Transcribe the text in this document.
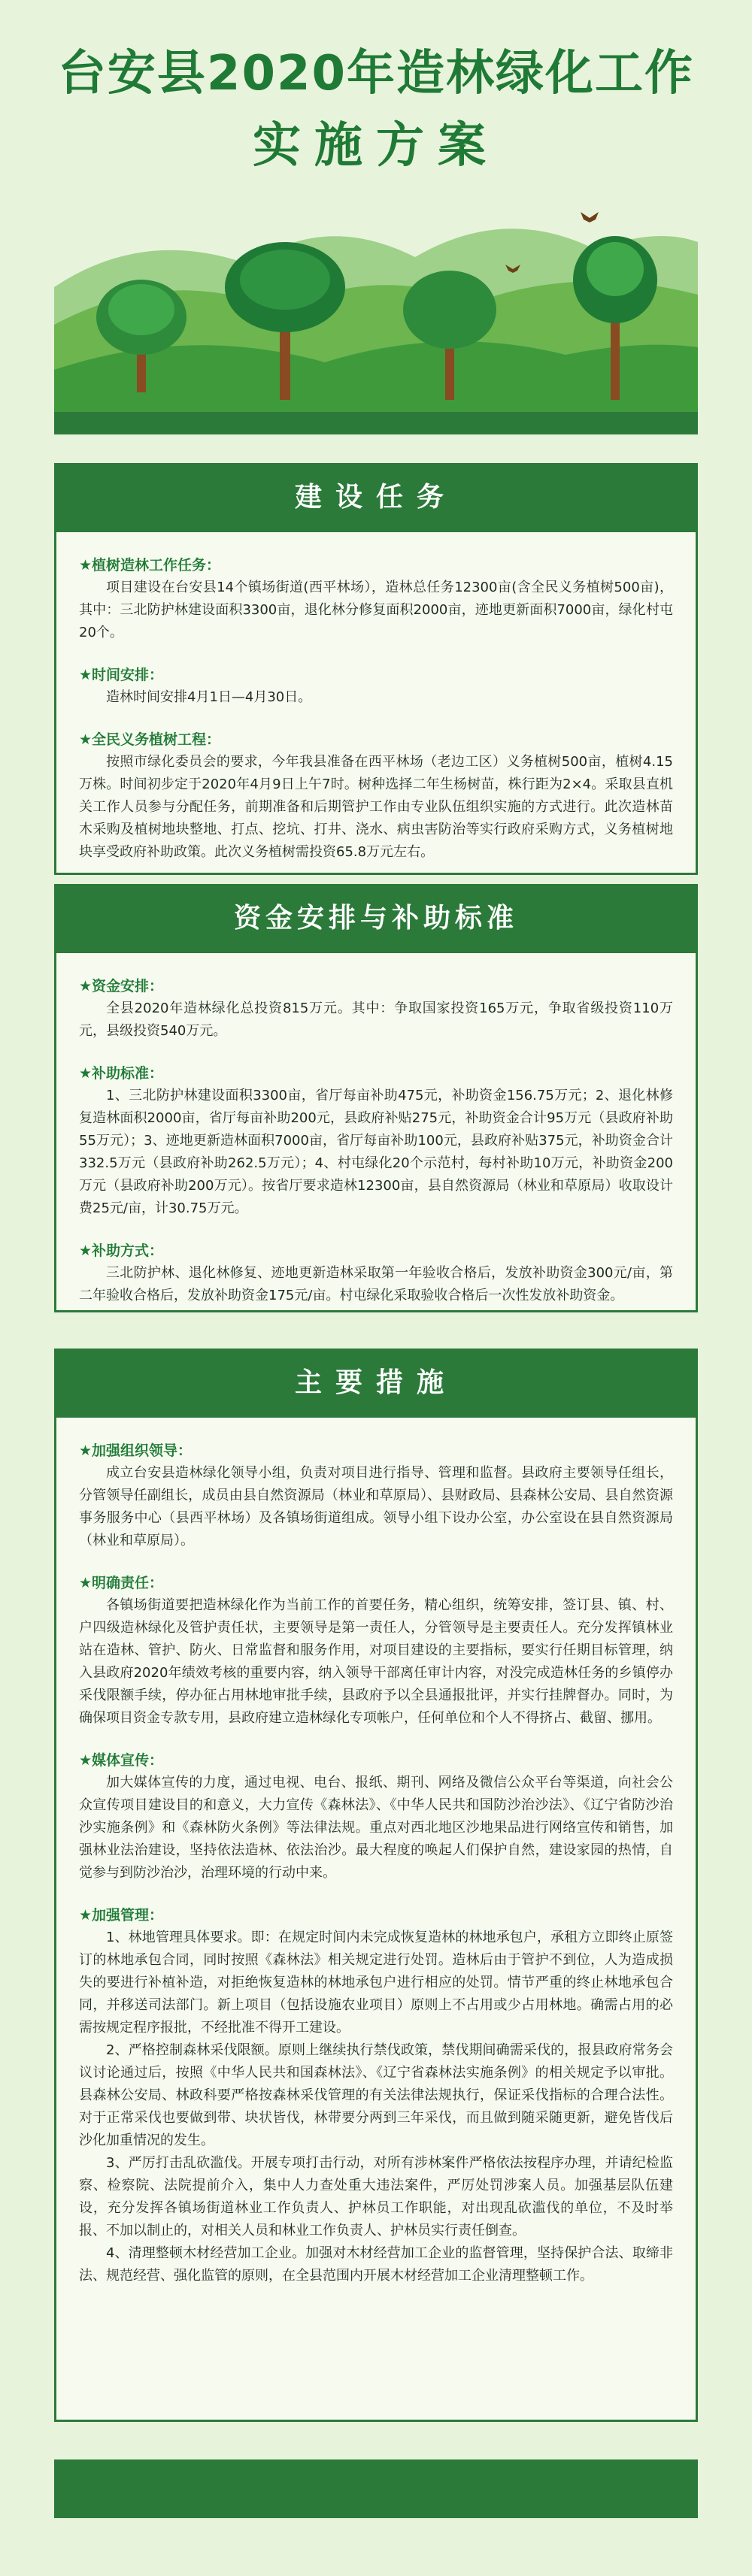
台安县2020年造林绿化工作
实施方案
建设任务

★植树造林工作任务：

项目建设在台安县14个镇场街道(西平林场），造林总任务12300亩(含全民义务植树500亩)，其中：三北防护林建设面积3300亩，退化林分修复面积2000亩，迹地更新面积7000亩，绿化村屯20个。

★时间安排：

造林时间安排4月1日—4月30日。

★全民义务植树工程：

按照市绿化委员会的要求，今年我县准备在西平林场（老边工区）义务植树500亩，植树4.15万株。时间初步定于2020年4月9日上午7时。树种选择二年生杨树苗，株行距为2×4。采取县直机关工作人员参与分配任务，前期准备和后期管护工作由专业队伍组织实施的方式进行。此次造林苗木采购及植树地块整地、打点、挖坑、打井、浇水、病虫害防治等实行政府采购方式，义务植树地块享受政府补助政策。此次义务植树需投资65.8万元左右。

资金安排与补助标准

★资金安排：

全县2020年造林绿化总投资815万元。其中：争取国家投资165万元，争取省级投资110万元，县级投资540万元。

★补助标准：

1、三北防护林建设面积3300亩，省厅每亩补助475元，补助资金156.75万元；2、退化林修复造林面积2000亩，省厅每亩补助200元，县政府补贴275元，补助资金合计95万元（县政府补助55万元）；3、迹地更新造林面积7000亩，省厅每亩补助100元，县政府补贴375元，补助资金合计332.5万元（县政府补助262.5万元）；4、村屯绿化20个示范村，每村补助10万元，补助资金200万元（县政府补助200万元）。按省厅要求造林12300亩，县自然资源局（林业和草原局）收取设计费25元/亩，计30.75万元。

★补助方式：

三北防护林、退化林修复、迹地更新造林采取第一年验收合格后，发放补助资金300元/亩，第二年验收合格后，发放补助资金175元/亩。村屯绿化采取验收合格后一次性发放补助资金。

主要措施

★加强组织领导：

成立台安县造林绿化领导小组，负责对项目进行指导、管理和监督。县政府主要领导任组长，分管领导任副组长，成员由县自然资源局（林业和草原局）、县财政局、县森林公安局、县自然资源事务服务中心（县西平林场）及各镇场街道组成。领导小组下设办公室，办公室设在县自然资源局（林业和草原局）。

★明确责任：

各镇场街道要把造林绿化作为当前工作的首要任务，精心组织，统筹安排，签订县、镇、村、户四级造林绿化及管护责任状，主要领导是第一责任人，分管领导是主要责任人。充分发挥镇林业站在造林、管护、防火、日常监督和服务作用，对项目建设的主要指标，要实行任期目标管理，纳入县政府2020年绩效考核的重要内容，纳入领导干部离任审计内容，对没完成造林任务的乡镇停办采伐限额手续，停办征占用林地审批手续，县政府予以全县通报批评，并实行挂牌督办。同时，为确保项目资金专款专用，县政府建立造林绿化专项帐户，任何单位和个人不得挤占、截留、挪用。

★媒体宣传：

加大媒体宣传的力度，通过电视、电台、报纸、期刊、网络及微信公众平台等渠道，向社会公众宣传项目建设目的和意义，大力宣传《森林法》、《中华人民共和国防沙治沙法》、《辽宁省防沙治沙实施条例》和《森林防火条例》等法律法规。重点对西北地区沙地果品进行网络宣传和销售，加强林业法治建设，坚持依法造林、依法治沙。最大程度的唤起人们保护自然，建设家园的热情，自觉参与到防沙治沙，治理环境的行动中来。

★加强管理：

1、林地管理具体要求。即：在规定时间内未完成恢复造林的林地承包户，承租方立即终止原签订的林地承包合同，同时按照《森林法》相关规定进行处罚。造林后由于管护不到位，人为造成损失的要进行补植补造，对拒绝恢复造林的林地承包户进行相应的处罚。情节严重的终止林地承包合同，并移送司法部门。新上项目（包括设施农业项目）原则上不占用或少占用林地。确需占用的必需按规定程序报批，不经批准不得开工建设。

2、严格控制森林采伐限额。原则上继续执行禁伐政策，禁伐期间确需采伐的，报县政府常务会议讨论通过后，按照《中华人民共和国森林法》、《辽宁省森林法实施条例》的相关规定予以审批。县森林公安局、林政科要严格按森林采伐管理的有关法律法规执行，保证采伐指标的合理合法性。对于正常采伐也要做到带、块状皆伐，林带要分两到三年采伐，而且做到随采随更新，避免皆伐后沙化加重情况的发生。

3、严厉打击乱砍滥伐。开展专项打击行动，对所有涉林案件严格依法按程序办理，并请纪检监察、检察院、法院提前介入，集中人力查处重大违法案件，严厉处罚涉案人员。加强基层队伍建设，充分发挥各镇场街道林业工作负责人、护林员工作职能，对出现乱砍滥伐的单位，不及时举报、不加以制止的，对相关人员和林业工作负责人、护林员实行责任倒查。

4、清理整顿木材经营加工企业。加强对木材经营加工企业的监督管理，坚持保护合法、取缔非法、规范经营、强化监管的原则，在全县范围内开展木材经营加工企业清理整顿工作。
